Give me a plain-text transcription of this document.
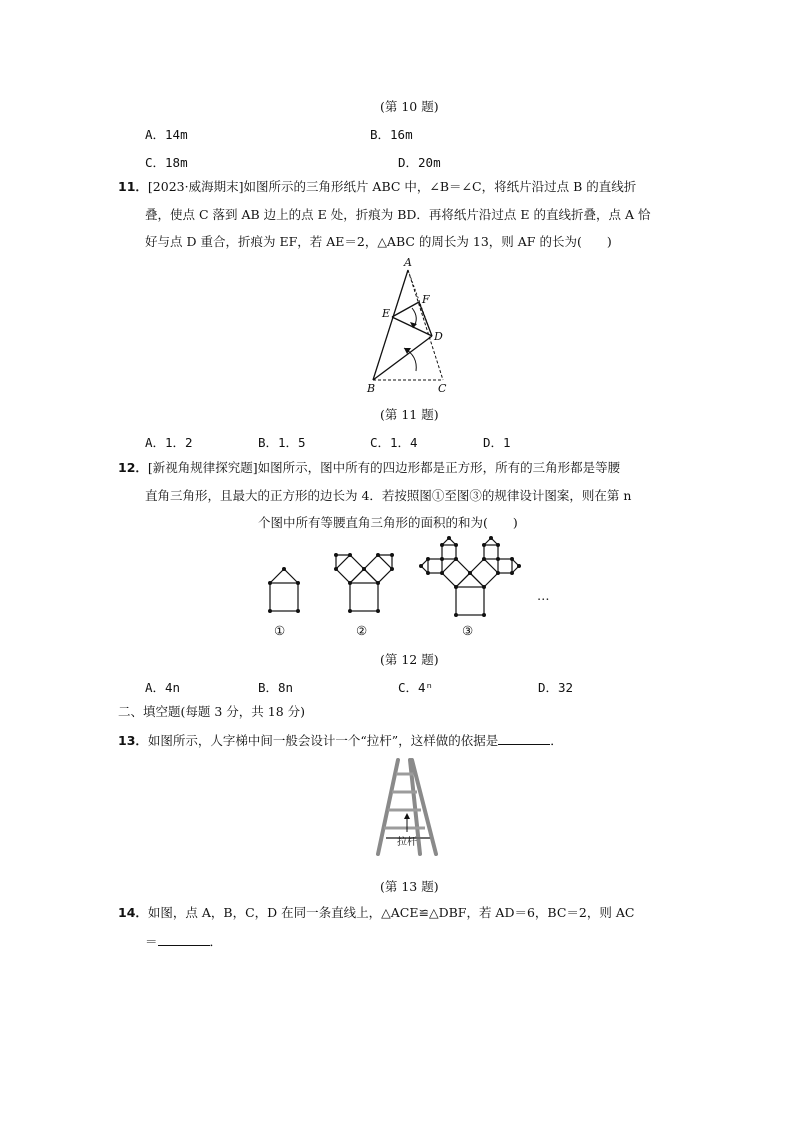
(第 10 题)
A．14m	B．16m
C．18m	D．20m
11．[2023·威海期末]如图所示的三角形纸片 ABC 中，∠B＝∠C，将纸片沿过点 B 的直线折
叠，使点 C 落到 AB 边上的点 E 处，折痕为 BD．再将纸片沿过点 E 的直线折叠，点 A 恰
好与点 D 重合，折痕为 EF，若 AE＝2，△ABC 的周长为 13，则 AF 的长为(　　)
A
B	C
D
E
F
(第 11 题)
A．1．2	B．1．5	C．1．4	D．1
12．[新视角规律探究题]如图所示，图中所有的四边形都是正方形，所有的三角形都是等腰
直角三角形，且最大的正方形的边长为 4．若按照图①至图③的规律设计图案，则在第 n
个图中所有等腰直角三角形的面积的和为(　　)
①	②	③
…
(第 12 题)
A．4n	B．8n	C．4ⁿ	D．32
二、填空题(每题 3 分，共 18 分)
13．如图所示，人字梯中间一般会设计一个“拉杆”，这样做的依据是	．
拉杆
(第 13 题)
14．如图，点 A，B，C，D 在同一条直线上，△ACE≌△DBF，若 AD＝6，BC＝2，则 AC
＝	．
